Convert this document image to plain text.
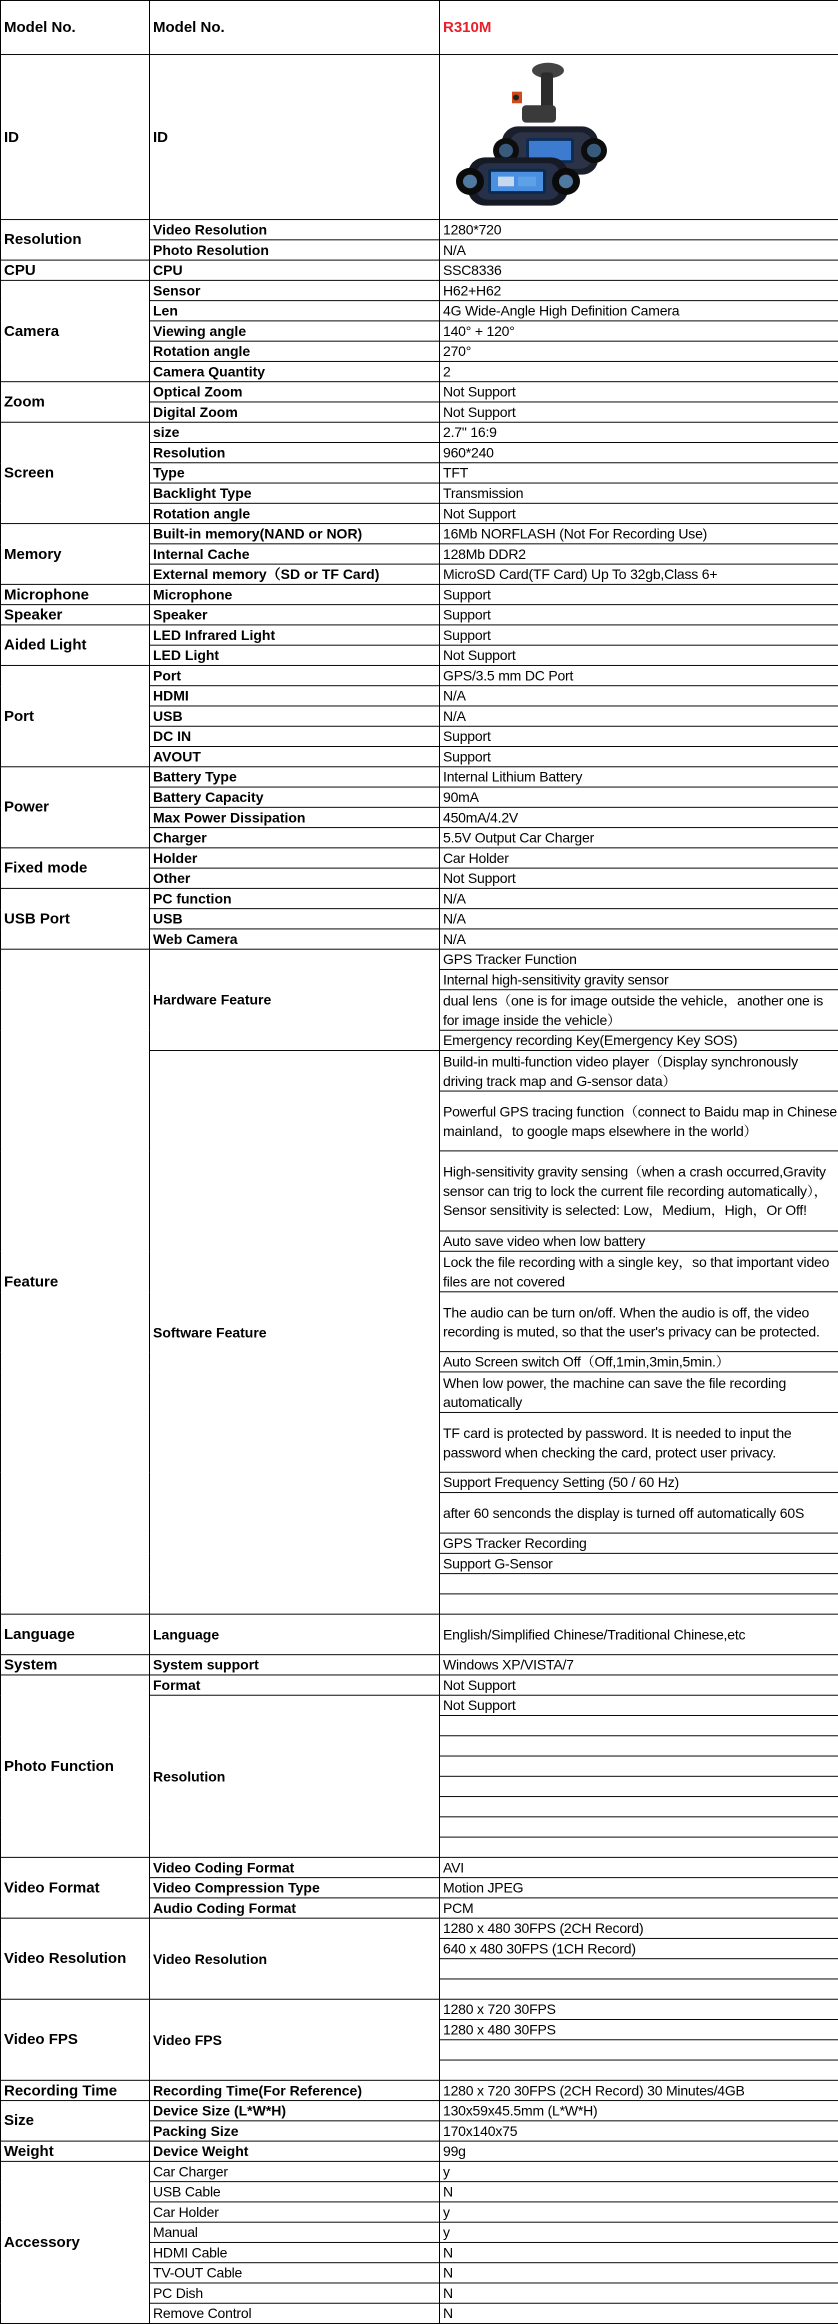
Model No.	Model No.	R310M
ID	ID	
Resolution	Video Resolution	1280*720
	Photo Resolution	N/A
CPU	CPU	SSC8336
Camera	Sensor	H62+H62
	Len	4G Wide-Angle High Definition Camera
	Viewing angle	140° + 120°
	Rotation angle	270°
	Camera Quantity	2
Zoom	Optical Zoom	Not Support
	Digital Zoom	Not Support
Screen	size	2.7" 16:9
	Resolution	960*240
	Type	TFT
	Backlight Type	Transmission
	Rotation angle	Not Support
Memory	Built-in memory(NAND or NOR)	16Mb NORFLASH (Not For Recording Use)
	Internal Cache	128Mb DDR2
	External memory（SD or TF Card)	MicroSD Card(TF Card) Up To 32gb,Class 6+
Microphone	Microphone	Support
Speaker	Speaker	Support
Aided Light	LED Infrared Light	Support
	LED Light	Not Support
Port	Port	GPS/3.5 mm DC Port
	HDMI	N/A
	USB	N/A
	DC IN	Support
	AVOUT	Support
Power	Battery Type	Internal Lithium Battery
	Battery Capacity	90mA
	Max Power Dissipation	450mA/4.2V
	Charger	5.5V Output Car Charger
Fixed mode	Holder	Car Holder
	Other	Not Support
USB Port	PC function	N/A
	USB	N/A
	Web Camera	N/A
Feature	Hardware Feature	GPS Tracker Function
		Internal high-sensitivity gravity sensor
		dual lens（one is for image outside the vehicle，another one is for image inside the vehicle）
		Emergency recording Key(Emergency Key SOS)
	Software Feature	Build-in multi-function video player（Display synchronously driving track map and G-sensor data）
		Powerful GPS tracing function（connect to Baidu map in Chinese mainland，to google maps elsewhere in the world）
		High-sensitivity gravity sensing（when a crash occurred,Gravity sensor can trig to lock the current file recording automatically），Sensor sensitivity is selected: Low，Medium，High，Or Off!
		Auto save video when low battery
		Lock the file recording with a single key，so that important video files are not covered
		The audio can be turn on/off. When the audio is off, the video recording is muted, so that the user's privacy can be protected.
		Auto Screen switch Off（Off,1min,3min,5min.）
		When low power, the machine can save the file recording automatically
		TF card is protected by password. It is needed to input the password when checking the card, protect user privacy.
		Support Frequency Setting (50 / 60 Hz)
		after 60 senconds the display is turned off automatically 60S
		GPS Tracker Recording
		Support G-Sensor

Language	Language	English/Simplified Chinese/Traditional Chinese,etc
System	System support	Windows XP/VISTA/7
Photo Function	Format	Not Support
	Resolution	Not Support

Video Format	Video Coding Format	AVI
	Video Compression Type	Motion JPEG
	Audio Coding Format	PCM
Video Resolution	Video Resolution	1280 x 480 30FPS (2CH Record)
		640 x 480 30FPS (1CH Record)

Video FPS	Video FPS	1280 x 720 30FPS
		1280 x 480 30FPS

Recording Time	Recording Time(For Reference)	1280 x 720 30FPS (2CH Record) 30 Minutes/4GB
Size	Device Size (L*W*H)	130x59x45.5mm (L*W*H)
	Packing Size	170x140x75
Weight	Device Weight	99g
Accessory	Car Charger	y
	USB Cable	N
	Car Holder	y
	Manual	y
	HDMI Cable	N
	TV-OUT Cable	N
	PC Dish	N
	Remove Control	N
